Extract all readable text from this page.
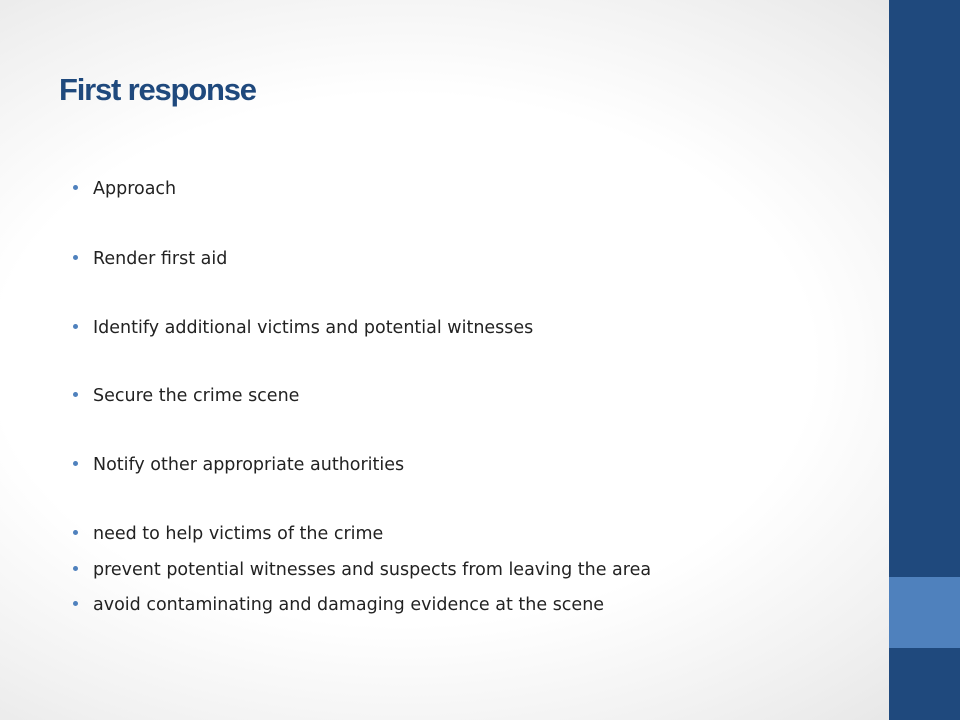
First response
Approach
Render first aid
Identify additional victims and potential witnesses
Secure the crime scene
Notify other appropriate authorities
need to help victims of the crime
prevent potential witnesses and suspects from leaving the area
avoid contaminating and damaging evidence at the scene
